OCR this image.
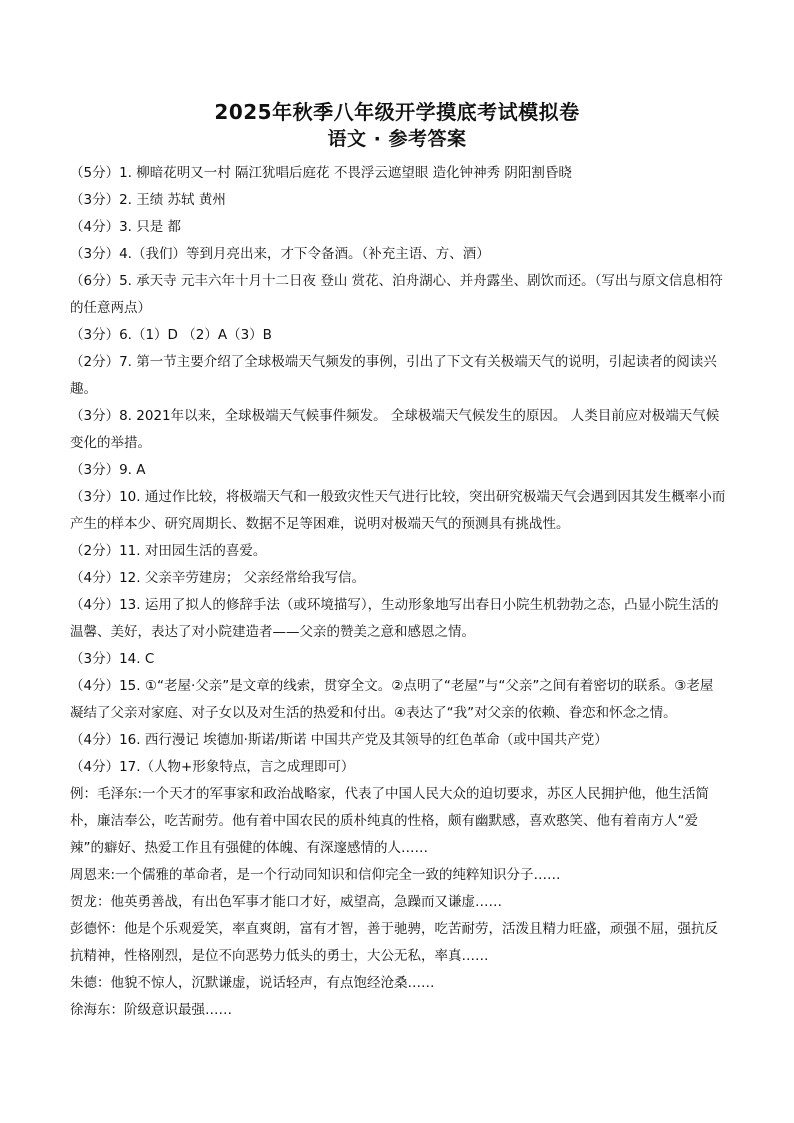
2025年秋季八年级开学摸底考试模拟卷
语文 · 参考答案

（5分）1. 柳暗花明又一村 隔江犹唱后庭花 不畏浮云遮望眼 造化钟神秀 阴阳割昏晓

（3分）2. 王绩 苏轼 黄州

（4分）3. 只是 都

（3分）4.（我们）等到月亮出来，才下令备酒。（补充主语、方、酒）

（6分）5. 承天寺 元丰六年十月十二日夜 登山 赏花、泊舟湖心、并舟露坐、剧饮而还。（写出与原文信息相符的任意两点）

（3分）6.（1）D （2）A（3）B

（2分）7. 第一节主要介绍了全球极端天气频发的事例，引出了下文有关极端天气的说明，引起读者的阅读兴趣。

（3分）8. 2021年以来，全球极端天气候事件频发。 全球极端天气候发生的原因。 人类目前应对极端天气候变化的举措。

（3分）9. A

（3分）10. 通过作比较，将极端天气和一般致灾性天气进行比较，突出研究极端天气会遇到因其发生概率小而产生的样本少、研究周期长、数据不足等困难，说明对极端天气的预测具有挑战性。

（2分）11. 对田园生活的喜爱。

（4分）12. 父亲辛劳建房； 父亲经常给我写信。

（4分）13. 运用了拟人的修辞手法（或环境描写），生动形象地写出春日小院生机勃勃之态，凸显小院生活的温馨、美好，表达了对小院建造者——父亲的赞美之意和感恩之情。

（3分）14. C

（4分）15. ①“老屋·父亲”是文章的线索，贯穿全文。②点明了“老屋”与“父亲”之间有着密切的联系。③老屋凝结了父亲对家庭、对子女以及对生活的热爱和付出。④表达了“我”对父亲的依赖、眷恋和怀念之情。

（4分）16. 西行漫记 埃德加·斯诺/斯诺 中国共产党及其领导的红色革命（或中国共产党）

（4分）17.（人物+形象特点，言之成理即可）

例：毛泽东:一个天才的军事家和政治战略家，代表了中国人民大众的迫切要求，苏区人民拥护他，他生活简朴，廉洁奉公，吃苦耐劳。他有着中国农民的质朴纯真的性格，颇有幽默感，喜欢憨笑、他有着南方人“爱辣”的癖好、热爱工作且有强健的体魄、有深邃感情的人……

周恩来:一个儒雅的革命者，是一个行动同知识和信仰完全一致的纯粹知识分子……

贺龙：他英勇善战，有出色军事才能口才好，威望高，急躁而又谦虚……

彭德怀：他是个乐观爱笑，率直爽朗，富有才智，善于驰骋，吃苦耐劳，活泼且精力旺盛，顽强不屈，强抗反抗精神，性格刚烈，是位不向恶势力低头的勇士，大公无私，率真……

朱德：他貌不惊人，沉默谦虚，说话轻声，有点饱经沧桑……

徐海东：阶级意识最强……
